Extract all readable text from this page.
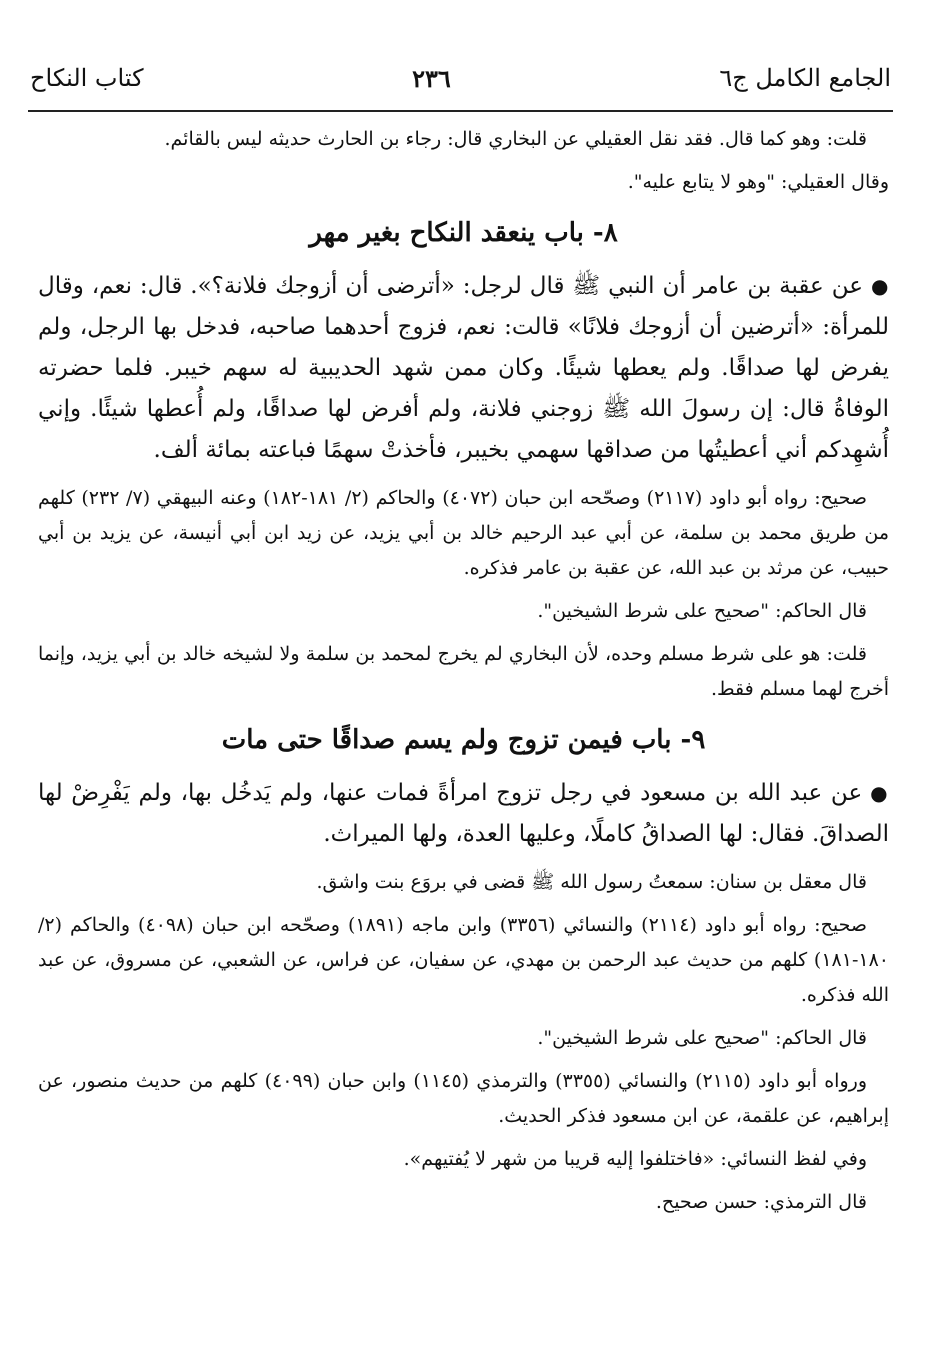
كتاب النكاح	٢٣٦	الجامع الكامل ج٦

قلت: وهو كما قال. فقد نقل العقيلي عن البخاري قال: رجاء بن الحارث حديثه ليس بالقائم.

وقال العقيلي: "وهو لا يتابع عليه".

٨- باب ينعقد النكاح بغير مهر

●عن عقبة بن عامر أن النبي ﷺ قال لرجل: «أترضى أن أزوجك فلانة؟». قال: نعم، وقال للمرأة: «أترضين أن أزوجك فلانًا» قالت: نعم، فزوج أحدهما صاحبه، فدخل بها الرجل، ولم يفرض لها صداقًا. ولم يعطها شيئًا. وكان ممن شهد الحديبية له سهم خيبر. فلما حضرته الوفاةُ قال: إن رسولَ الله ﷺ زوجني فلانة، ولم أفرض لها صداقًا، ولم أُعطها شيئًا. وإني أُشهِدكم أني أعطيتُها من صداقها سهمي بخيبر، فأخذتْ سهمًا فباعته بمائة ألف.

صحيح: رواه أبو داود (٢١١٧) وصحّحه ابن حبان (٤٠٧٢) والحاكم (٢/ ١٨١-١٨٢) وعنه البيهقي (٧/ ٢٣٢) كلهم من طريق محمد بن سلمة، عن أبي عبد الرحيم خالد بن أبي يزيد، عن زيد ابن أبي أنيسة، عن يزيد بن أبي حبيب، عن مرثد بن عبد الله، عن عقبة بن عامر فذكره.

قال الحاكم: "صحيح على شرط الشيخين".

قلت: هو على شرط مسلم وحده، لأن البخاري لم يخرج لمحمد بن سلمة ولا لشيخه خالد بن أبي يزيد، وإنما أخرج لهما مسلم فقط.

٩- باب فيمن تزوج ولم يسم صداقًا حتى مات

●عن عبد الله بن مسعود في رجل تزوج امرأةً فمات عنها، ولم يَدخُل بها، ولم يَفْرِضْ لها الصداقَ. فقال: لها الصداقُ كاملًا، وعليها العدة، ولها الميراث.

قال معقل بن سنان: سمعتُ رسول الله ﷺ قضى في بروَع بنت واشق.

صحيح: رواه أبو داود (٢١١٤) والنسائي (٣٣٥٦) وابن ماجه (١٨٩١) وصحّحه ابن حبان (٤٠٩٨) والحاكم (٢/ ١٨٠-١٨١) كلهم من حديث عبد الرحمن بن مهدي، عن سفيان، عن فراس، عن الشعبي، عن مسروق، عن عبد الله فذكره.

قال الحاكم: "صحيح على شرط الشيخين".

ورواه أبو داود (٢١١٥) والنسائي (٣٣٥٥) والترمذي (١١٤٥) وابن حبان (٤٠٩٩) كلهم من حديث منصور، عن إبراهيم، عن علقمة، عن ابن مسعود فذكر الحديث.

وفي لفظ النسائي: «فاختلفوا إليه قريبا من شهر لا يُفتيهم».

قال الترمذي: حسن صحيح.
